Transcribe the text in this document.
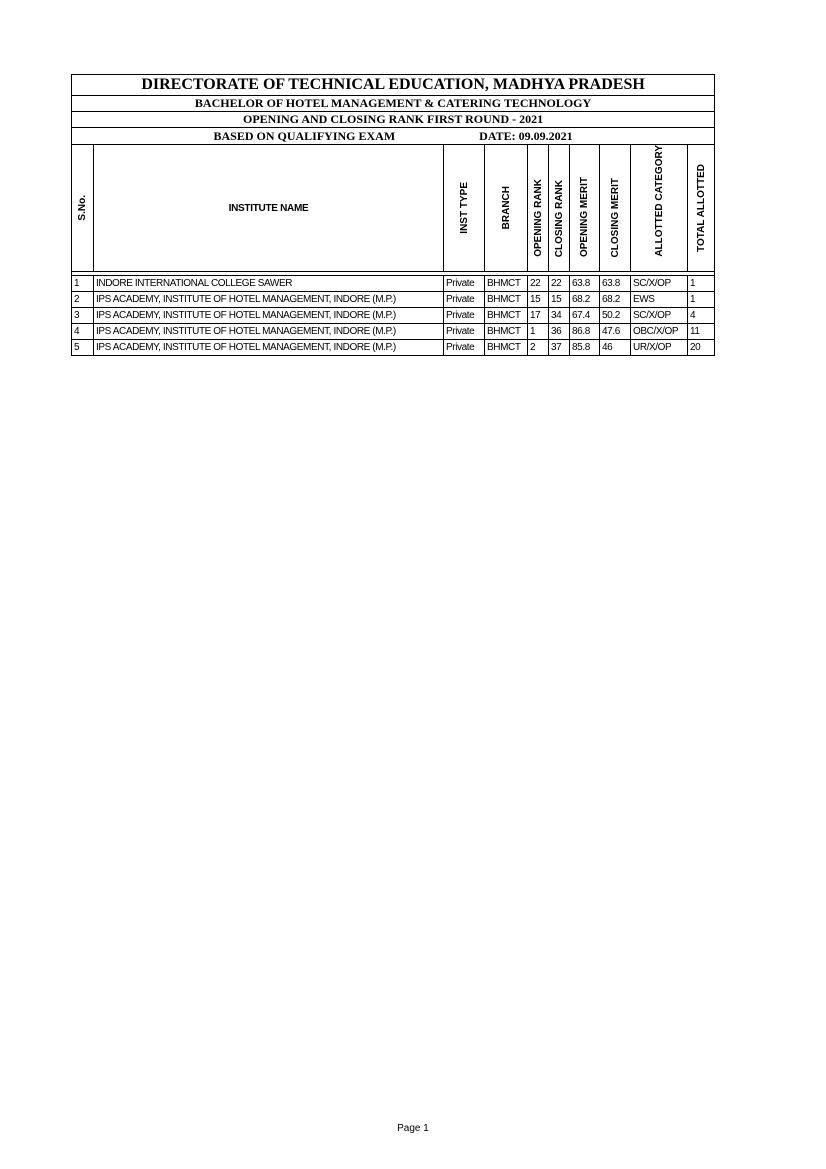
DIRECTORATE OF TECHNICAL EDUCATION, MADHYA PRADESH									
BACHELOR OF HOTEL MANAGEMENT & CATERING TECHNOLOGY									
OPENING AND CLOSING RANK FIRST ROUND - 2021									
BASED ON QUALIFYING EXAM DATE: 09.09.2021									

S.No.	INSTITUTE NAME	INST TYPE	BRANCH	OPENING RANK	CLOSING RANK	OPENING MERIT	CLOSING MERIT	ALLOTTED CATEGORY	TOTAL ALLOTTED

1	INDORE INTERNATIONAL COLLEGE SAWER	Private	BHMCT	22	22	63.8	63.8	SC/X/OP	1
2	IPS ACADEMY, INSTITUTE OF HOTEL MANAGEMENT, INDORE (M.P.)	Private	BHMCT	15	15	68.2	68.2	EWS	1
3	IPS ACADEMY, INSTITUTE OF HOTEL MANAGEMENT, INDORE (M.P.)	Private	BHMCT	17	34	67.4	50.2	SC/X/OP	4
4	IPS ACADEMY, INSTITUTE OF HOTEL MANAGEMENT, INDORE (M.P.)	Private	BHMCT	1	36	86.8	47.6	OBC/X/OP	11
5	IPS ACADEMY, INSTITUTE OF HOTEL MANAGEMENT, INDORE (M.P.)	Private	BHMCT	2	37	85.8	46	UR/X/OP	20
Page 1
